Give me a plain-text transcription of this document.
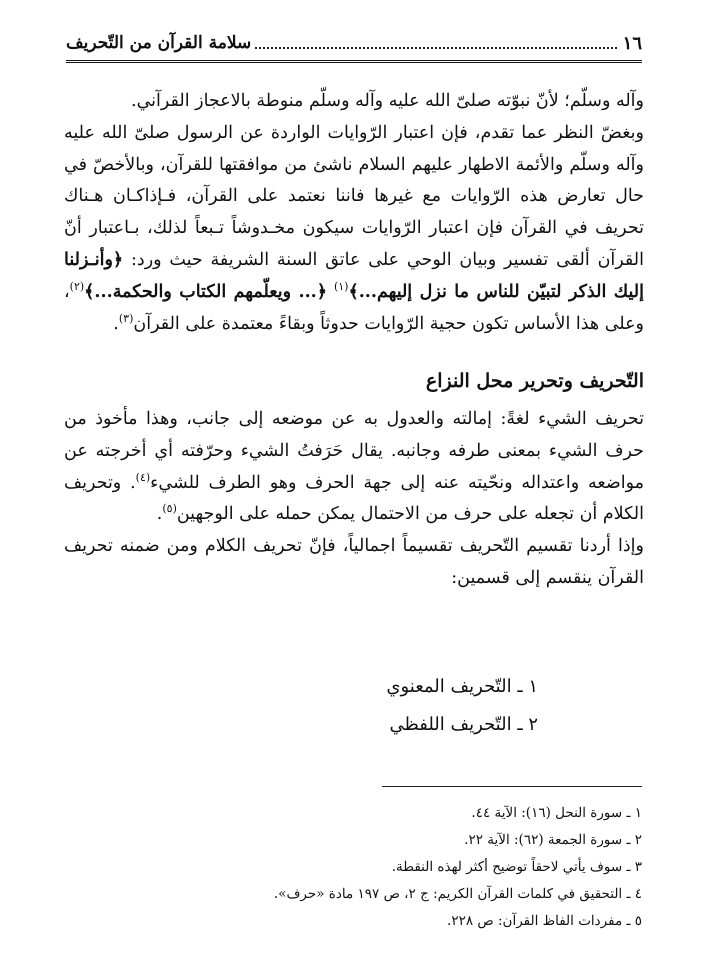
١٦
سلامة القرآن من التّحريف

وآله وسلّم؛ لأنّ نبوّته صلىّ الله عليه وآله وسلّم منوطة بالاعجاز القرآني.

وبغضّ النظر عما تقدم، فإن اعتبار الرّوايات الواردة عن الرسول صلىّ الله عليه وآله وسلّم والأئمة الاطهار عليهم السلام ناشئ من موافقتها للقرآن، وبالأخصّ في حال تعارض هذه الرّوايات مع غيرها فاننا نعتمد على القرآن، فـإذاكـان هـناك تحريف في القرآن فإن اعتبار الرّوايات سيكون مخـدوشاً تـبعاً لذلك، بـاعتبار أنّ القرآن ألقى تفسير وبيان الوحي على عاتق السنة الشريفة حيث ورد: ﴿وأنـزلنا إليك الذكر لتبيّن للناس ما نزل إليهم...﴾$^{(١)}$ ﴿... ويعلّمهم الكتاب والحكمة...﴾$^{(٢)}$، وعلى هذا الأساس تكون حجية الرّوايات حدوثاً وبقاءً معتمدة على القرآن$^{(٣)}$.

التّحريف وتحرير محل النزاع

تحريف الشيء لغةً: إمالته والعدول به عن موضعه إلى جانب، وهذا مأخوذ من حرف الشيء بمعنى طرفه وجانبه. يقال حَرَفتُ الشيء وحرّفته أي أخرجته عن مواضعه واعتداله ونحّيته عنه إلى جهة الحرف وهو الطرف للشيء$^{(٤)}$. وتحريف الكلام أن تجعله على حرف من الاحتمال يمكن حمله على الوجهين$^{(٥)}$.

وإذا أردنا تقسيم التّحريف تقسيماً اجمالياً، فإنّ تحريف الكلام ومن ضمنه تحريف القرآن ينقسم إلى قسمين:

١ ـ التّحريف المعنوي
٢ ـ التّحريف اللفظي
١ ـ سورة النحل (١٦): الآية ٤٤.
٢ ـ سورة الجمعة (٦٢): الآية ٢٢.
٣ ـ سوف يأتي لاحقاً توضيح أكثر لهذه النقطة.
٤ ـ التحقيق في كلمات القرآن الكريم: ج ٢، ص ١٩٧ مادة «حرف».
٥ ـ مفردات الفاظ القرآن: ص ٢٢٨.
